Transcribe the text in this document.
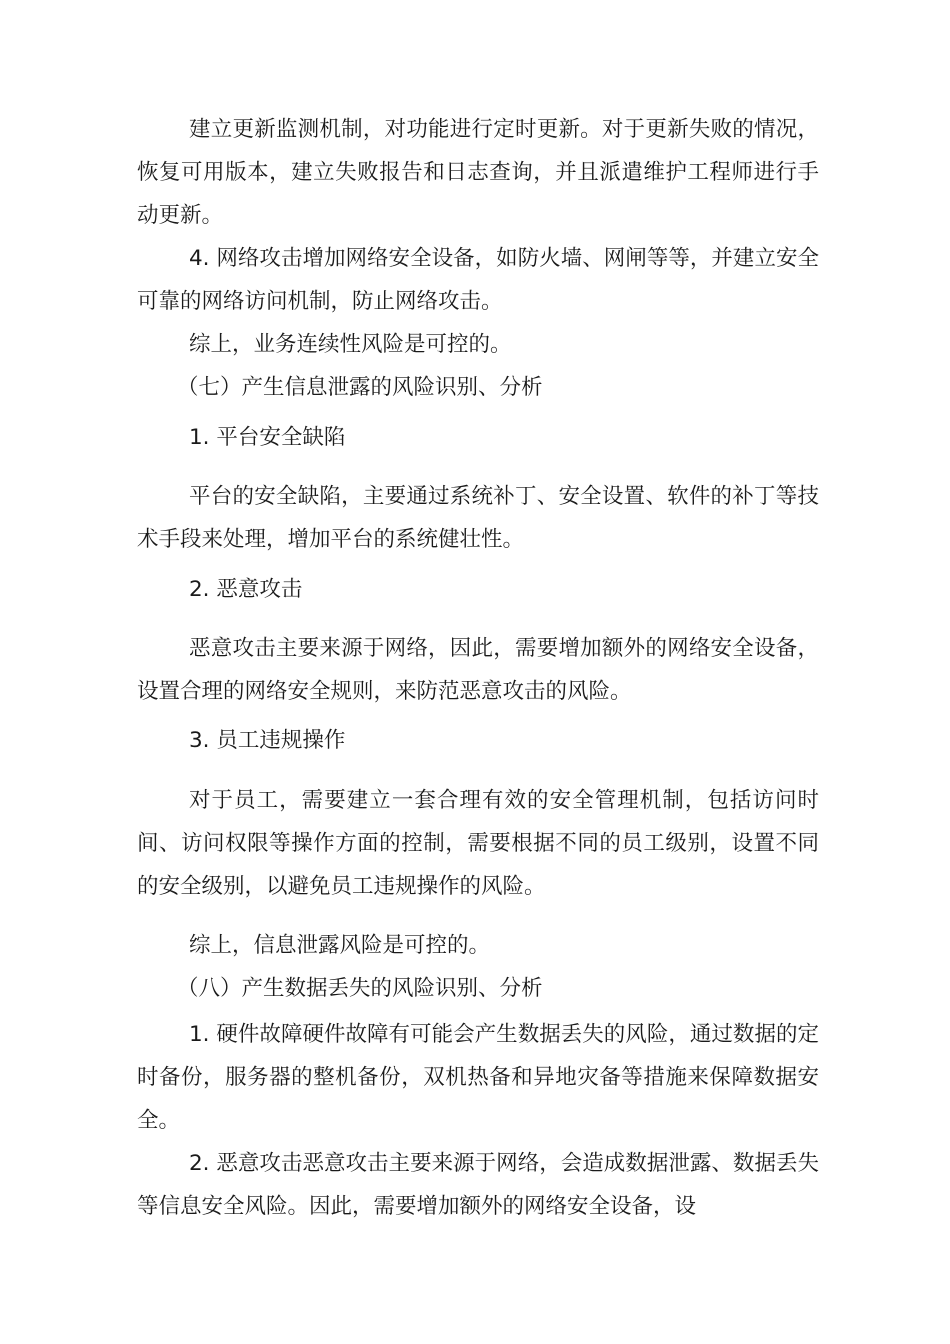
建立更新监测机制，对功能进行定时更新。对于更新失败的情况，恢复可用版本，建立失败报告和日志查询，并且派遣维护工程师进行手动更新。

4. 网络攻击增加网络安全设备，如防火墙、网闸等等，并建立安全可靠的网络访问机制，防止网络攻击。

综上，业务连续性风险是可控的。

（七）产生信息泄露的风险识别、分析

1. 平台安全缺陷

平台的安全缺陷，主要通过系统补丁、安全设置、软件的补丁等技术手段来处理，增加平台的系统健壮性。

2. 恶意攻击

恶意攻击主要来源于网络，因此，需要增加额外的网络安全设备，设置合理的网络安全规则，来防范恶意攻击的风险。

3. 员工违规操作

对于员工，需要建立一套合理有效的安全管理机制，包括访问时间、访问权限等操作方面的控制，需要根据不同的员工级别，设置不同的安全级别，以避免员工违规操作的风险。

综上，信息泄露风险是可控的。

（八）产生数据丢失的风险识别、分析

1. 硬件故障硬件故障有可能会产生数据丢失的风险，通过数据的定时备份，服务器的整机备份，双机热备和异地灾备等措施来保障数据安全。

2. 恶意攻击恶意攻击主要来源于网络，会造成数据泄露、数据丢失等信息安全风险。因此，需要增加额外的网络安全设备，设
